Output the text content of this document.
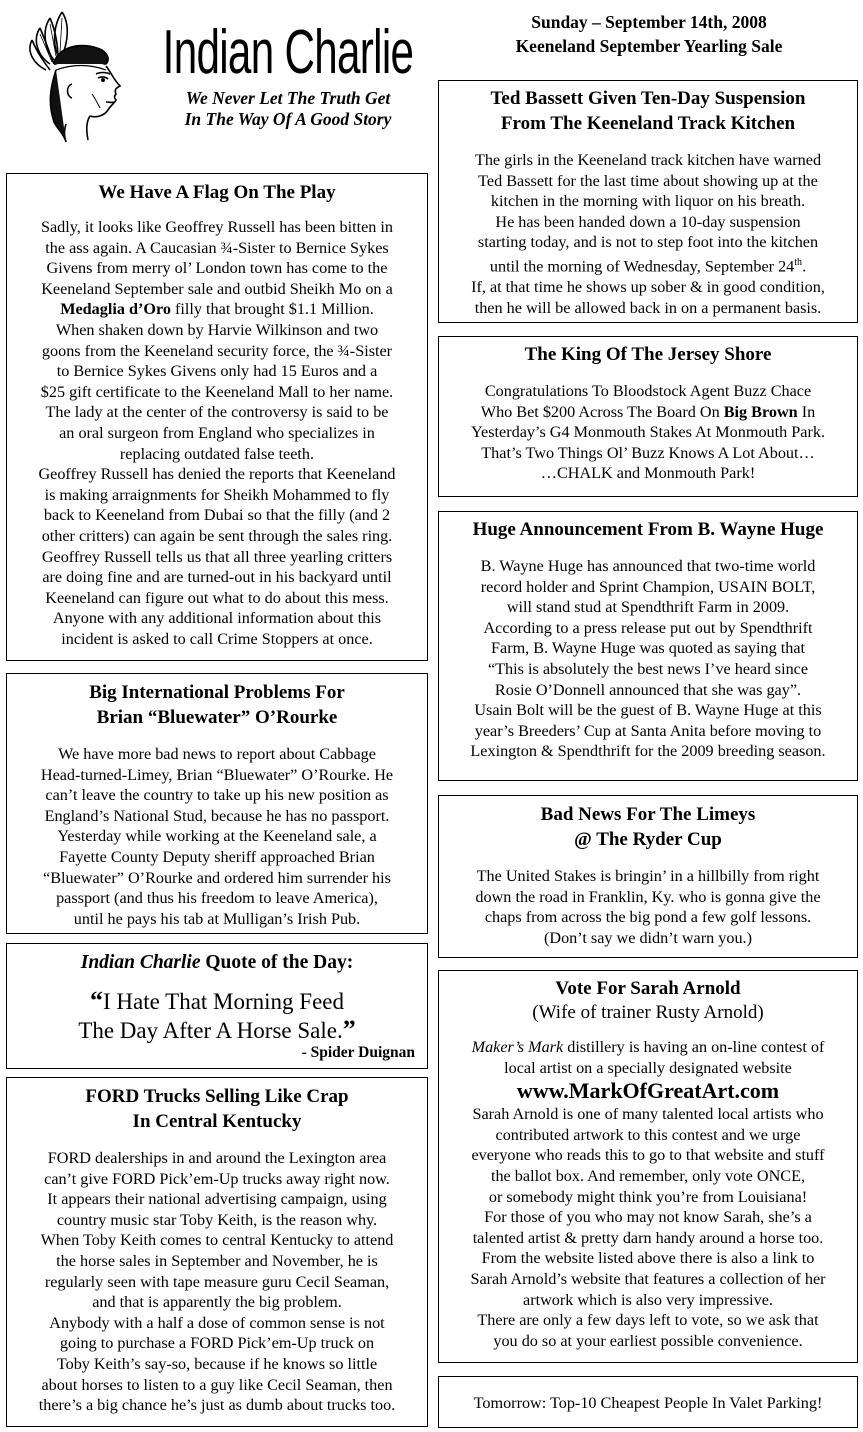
Indian Charlie
We Never Let The Truth Get
In The Way Of A Good Story
Sunday – September 14th, 2008
Keeneland September Yearling Sale
We Have A Flag On The Play
Sadly, it looks like Geoffrey Russell has been bitten in
the ass again. A Caucasian ¾-Sister to Bernice Sykes
Givens from merry ol’ London town has come to the
Keeneland September sale and outbid Sheikh Mo on a Medaglia d’Oro filly that brought $1.1 Million.
When shaken down by Harvie Wilkinson and two
goons from the Keeneland security force, the ¾-Sister
to Bernice Sykes Givens only had 15 Euros and a
$25 gift certificate to the Keeneland Mall to her name.
The lady at the center of the controversy is said to be
an oral surgeon from England who specializes in
replacing outdated false teeth.
Geoffrey Russell has denied the reports that Keeneland
is making arraignments for Sheikh Mohammed to fly
back to Keeneland from Dubai so that the filly (and 2
other critters) can again be sent through the sales ring.
Geoffrey Russell tells us that all three yearling critters
are doing fine and are turned-out in his backyard until
Keeneland can figure out what to do about this mess.
Anyone with any additional information about this
incident is asked to call Crime Stoppers at once.
Big International Problems For
Brian “Bluewater” O’Rourke
We have more bad news to report about Cabbage
Head-turned-Limey, Brian “Bluewater” O’Rourke. He
can’t leave the country to take up his new position as
England’s National Stud, because he has no passport.
Yesterday while working at the Keeneland sale, a
Fayette County Deputy sheriff approached Brian
“Bluewater” O’Rourke and ordered him surrender his
passport (and thus his freedom to leave America),
until he pays his tab at Mulligan’s Irish Pub.
Indian Charlie Quote of the Day:
“I Hate That Morning Feed
The Day After A Horse Sale.”
- Spider Duignan
FORD Trucks Selling Like Crap
In Central Kentucky
FORD dealerships in and around the Lexington area
can’t give FORD Pick’em-Up trucks away right now.
It appears their national advertising campaign, using
country music star Toby Keith, is the reason why.
When Toby Keith comes to central Kentucky to attend
the horse sales in September and November, he is
regularly seen with tape measure guru Cecil Seaman,
and that is apparently the big problem.
Anybody with a half a dose of common sense is not
going to purchase a FORD Pick’em-Up truck on
Toby Keith’s say-so, because if he knows so little
about horses to listen to a guy like Cecil Seaman, then
there’s a big chance he’s just as dumb about trucks too.
Ted Bassett Given Ten-Day Suspension
From The Keeneland Track Kitchen
The girls in the Keeneland track kitchen have warned
Ted Bassett for the last time about showing up at the
kitchen in the morning with liquor on his breath.
He has been handed down a 10-day suspension
starting today, and is not to step foot into the kitchen
until the morning of Wednesday, September 24th.
If, at that time he shows up sober & in good condition,
then he will be allowed back in on a permanent basis.
The King Of The Jersey Shore
Congratulations To Bloodstock Agent Buzz Chace
Who Bet $200 Across The Board On Big Brown In
Yesterday’s G4 Monmouth Stakes At Monmouth Park.
That’s Two Things Ol’ Buzz Knows A Lot About…
…CHALK and Monmouth Park!
Huge Announcement From B. Wayne Huge
B. Wayne Huge has announced that two-time world
record holder and Sprint Champion, USAIN BOLT,
will stand stud at Spendthrift Farm in 2009.
According to a press release put out by Spendthrift
Farm, B. Wayne Huge was quoted as saying that
“This is absolutely the best news I’ve heard since
Rosie O’Donnell announced that she was gay”.
Usain Bolt will be the guest of B. Wayne Huge at this
year’s Breeders’ Cup at Santa Anita before moving to
Lexington & Spendthrift for the 2009 breeding season.
Bad News For The Limeys
@ The Ryder Cup
The United Stakes is bringin’ in a hillbilly from right
down the road in Franklin, Ky. who is gonna give the
chaps from across the big pond a few golf lessons.
(Don’t say we didn’t warn you.)
Vote For Sarah Arnold
(Wife of trainer Rusty Arnold)
Maker’s Mark distillery is having an on-line contest of
local artist on a specially designated website
www.MarkOfGreatArt.com
Sarah Arnold is one of many talented local artists who
contributed artwork to this contest and we urge
everyone who reads this to go to that website and stuff
the ballot box. And remember, only vote ONCE,
or somebody might think you’re from Louisiana!
For those of you who may not know Sarah, she’s a
talented artist & pretty darn handy around a horse too.
From the website listed above there is also a link to
Sarah Arnold’s website that features a collection of her
artwork which is also very impressive.
There are only a few days left to vote, so we ask that
you do so at your earliest possible convenience.
Tomorrow: Top-10 Cheapest People In Valet Parking!
